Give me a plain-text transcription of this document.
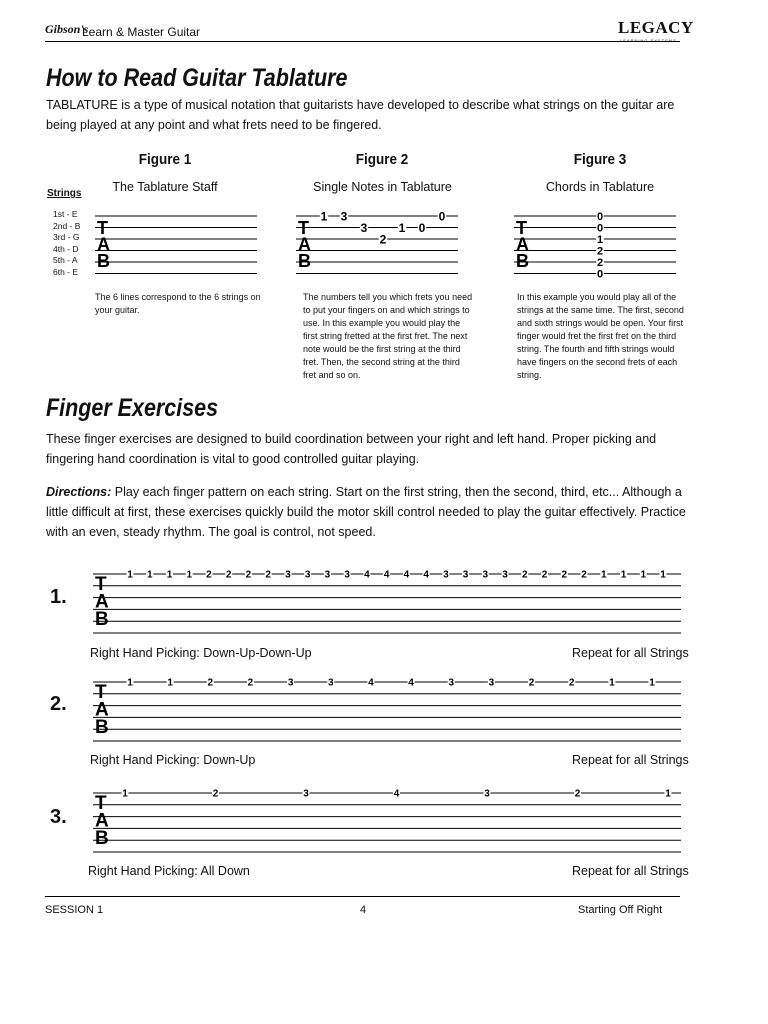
Gibson's
Learn & Master Guitar	LEGACY
How to Read Guitar Tablature

TABLATURE is a type of musical notation that guitarists have developed to describe what strings on the guitar are being played at any point and what frets need to be fingered.

Figure 1
The Tablature Staff
Figure 2
Single Notes in Tablature
Figure 3
Chords in Tablature
Strings
1st - E
2nd - B
3rd - G
4th - D
5th - A
6th - E
T
A
B
T
A
B
1 3
3
2
1 0
0
T
A
B
0
0
1
2
2
0
The 6 lines correspond to the 6 strings on your guitar.
The numbers tell you which frets you need to put your fingers on and which strings to use. In this example you would play the first string fretted at the first fret. The next note would be the first string at the third fret. Then, the second string at the third fret and so on.
In this example you would play all of the strings at the same time. The first, second and sixth strings would be open. Your first finger would fret the first fret on the third string. The fourth and fifth strings would have fingers on the second frets of each string.
Finger Exercises

These finger exercises are designed to build coordination between your right and left hand. Proper picking and fingering hand coordination is vital to good controlled guitar playing.

Directions: Play each finger pattern on each string. Start on the first string, then the second, third, etc... Although a little difficult at first, these exercises quickly build the motor skill control needed to play the guitar effectively. Practice with an even, steady rhythm. The goal is control, not speed.

1.
T
A
B
1 1 1 1 2 2 2 2 3 3 3 3 4 4 4 4 3 3 3 3 2 2 2 2 1 1 1 1
Right Hand Picking: Down-Up-Down-Up	Repeat for all Strings
2.
T
A
B
1	1	2	2	3	3	4	4	3	3	2	2	1	1
Right Hand Picking: Down-Up	Repeat for all Strings
3.
T
A
B
1	2	3	4	3	2	1
Right Hand Picking: All Down	Repeat for all Strings
SESSION 1	4	Starting Off Right
